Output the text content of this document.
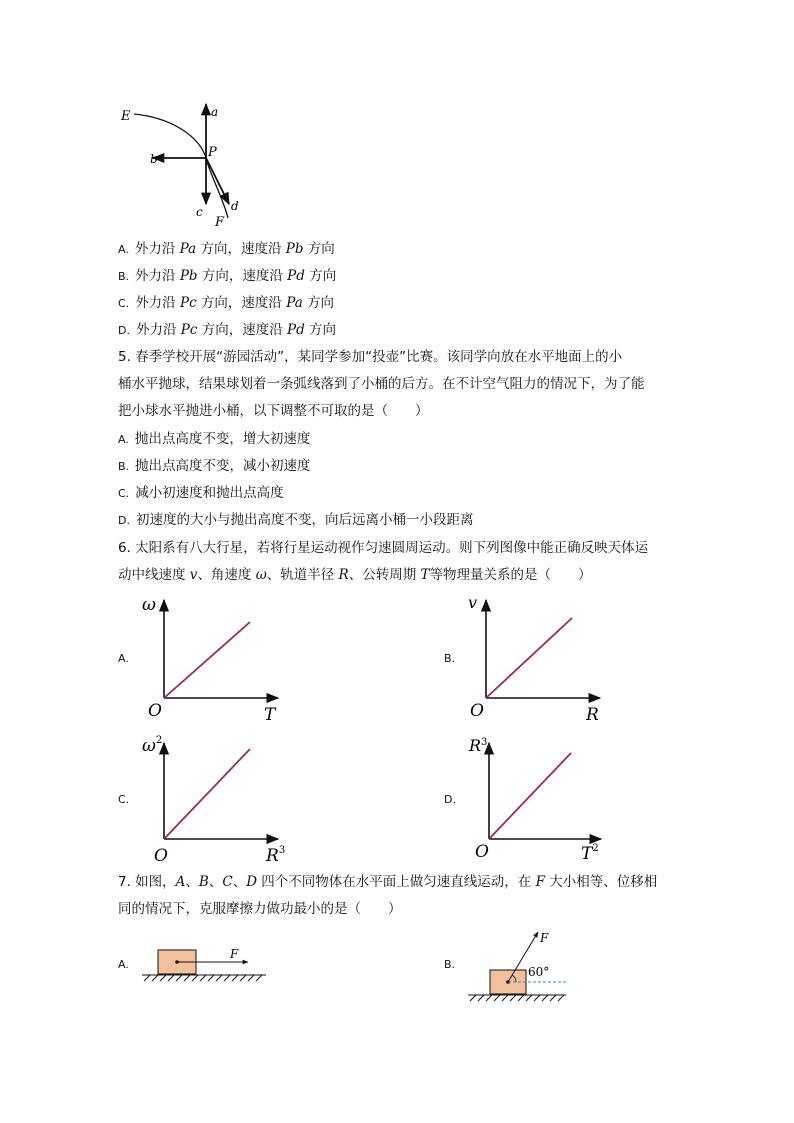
E	a
P
b
c d
F
A. 外力沿 Pa 方向，速度沿 Pb 方向
B. 外力沿 Pb 方向，速度沿 Pd 方向
C. 外力沿 Pc 方向，速度沿 Pa 方向
D. 外力沿 Pc 方向，速度沿 Pd 方向
5. 春季学校开展“游园活动”，某同学参加“投壶”比赛。该同学向放在水平地面上的小
桶水平抛球，结果球划着一条弧线落到了小桶的后方。在不计空气阻力的情况下，为了能
把小球水平抛进小桶，以下调整不可取的是（　　）
A. 抛出点高度不变，增大初速度
B. 抛出点高度不变，减小初速度
C. 减小初速度和抛出点高度
D. 初速度的大小与抛出高度不变，向后远离小桶一小段距离
6. 太阳系有八大行星，若将行星运动视作匀速圆周运动。则下列图像中能正确反映天体运
动中线速度 v、角速度 ω、轨道半径 R、公转周期 T等物理量关系的是（　　）
A.
ω
O	T
B.
v
O	R
C.
$\omega^2$
O	$R^3$
D.
$R^3$
O	$T^2$
7. 如图，A、B、C、D 四个不同物体在水平面上做匀速直线运动，在 F 大小相等、位移相
同的情况下，克服摩擦力做功最小的是（　　）
A.
F
B.
F
60°
